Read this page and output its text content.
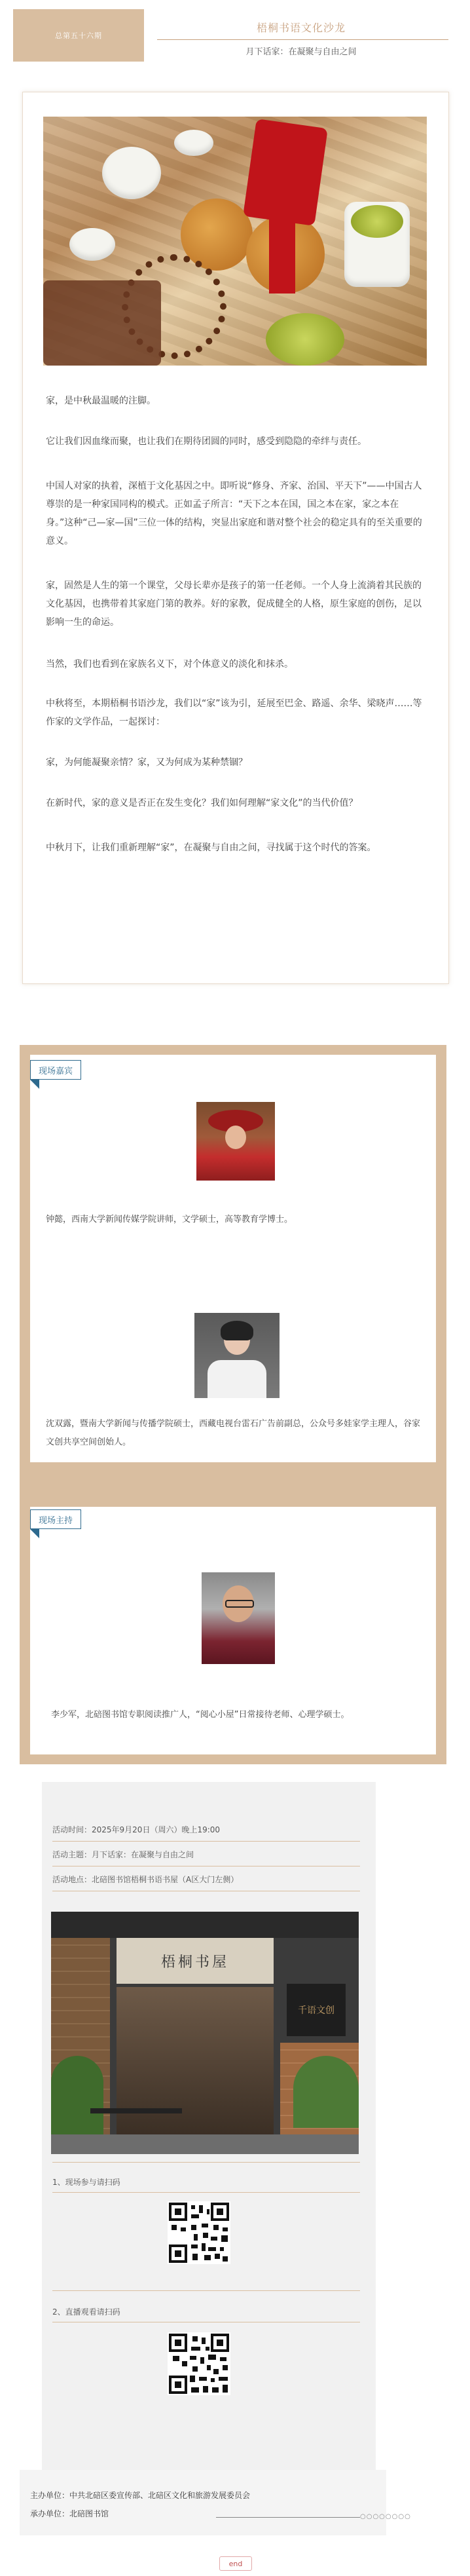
总第五十六期
梧桐书语文化沙龙
月下话家：在凝聚与自由之间
家，是中秋最温暖的注脚。
它让我们因血缘而聚，也让我们在期待团圆的同时，感受到隐隐的牵绊与责任。
中国人对家的执着，深植于文化基因之中。即听说“修身、齐家、治国、平天下”——中国古人尊崇的是一种家国同构的模式。正如孟子所言：“天下之本在国，国之本在家，家之本在身。”这种“己—家—国”三位一体的结构，突显出家庭和谐对整个社会的稳定具有的至关重要的意义。
家，固然是人生的第一个课堂，父母长辈亦是孩子的第一任老师。一个人身上流淌着其民族的文化基因，也携带着其家庭门第的教养。好的家教，促成健全的人格，原生家庭的创伤，足以影响一生的命运。
当然，我们也看到在家族名义下，对个体意义的淡化和抹杀。
中秋将至，本期梧桐书语沙龙，我们以“家”该为引，延展至巴金、路遥、余华、梁晓声……等作家的文学作品，一起探讨：
家，为何能凝聚亲情？家，又为何成为某种禁锢？
在新时代，家的意义是否正在发生变化？我们如何理解“家文化”的当代价值？
中秋月下，让我们重新理解“家”，在凝聚与自由之间，寻找属于这个时代的答案。
现场嘉宾
钟懿，西南大学新闻传媒学院讲师，文学硕士，高等教育学博士。
沈双露，暨南大学新闻与传播学院硕士，西藏电视台雷石广告前副总，公众号多娃家学主理人，谷家文创共享空间创始人。
现场主持
李少军，北碚图书馆专职阅读推广人，“阅心小屋”日常接待老师、心理学硕士。
活动时间：2025年9月20日（周六）晚上19:00
活动主题：月下话家：在凝聚与自由之间
活动地点：北碚图书馆梧桐书语书屋（A区大门左侧）
梧桐书屋
千语文创
1、现场参与请扫码
2、直播观看请扫码
主办单位：中共北碚区委宣传部、北碚区文化和旅游发展委员会
承办单位：北碚图书馆	○○○○○○○○
end
